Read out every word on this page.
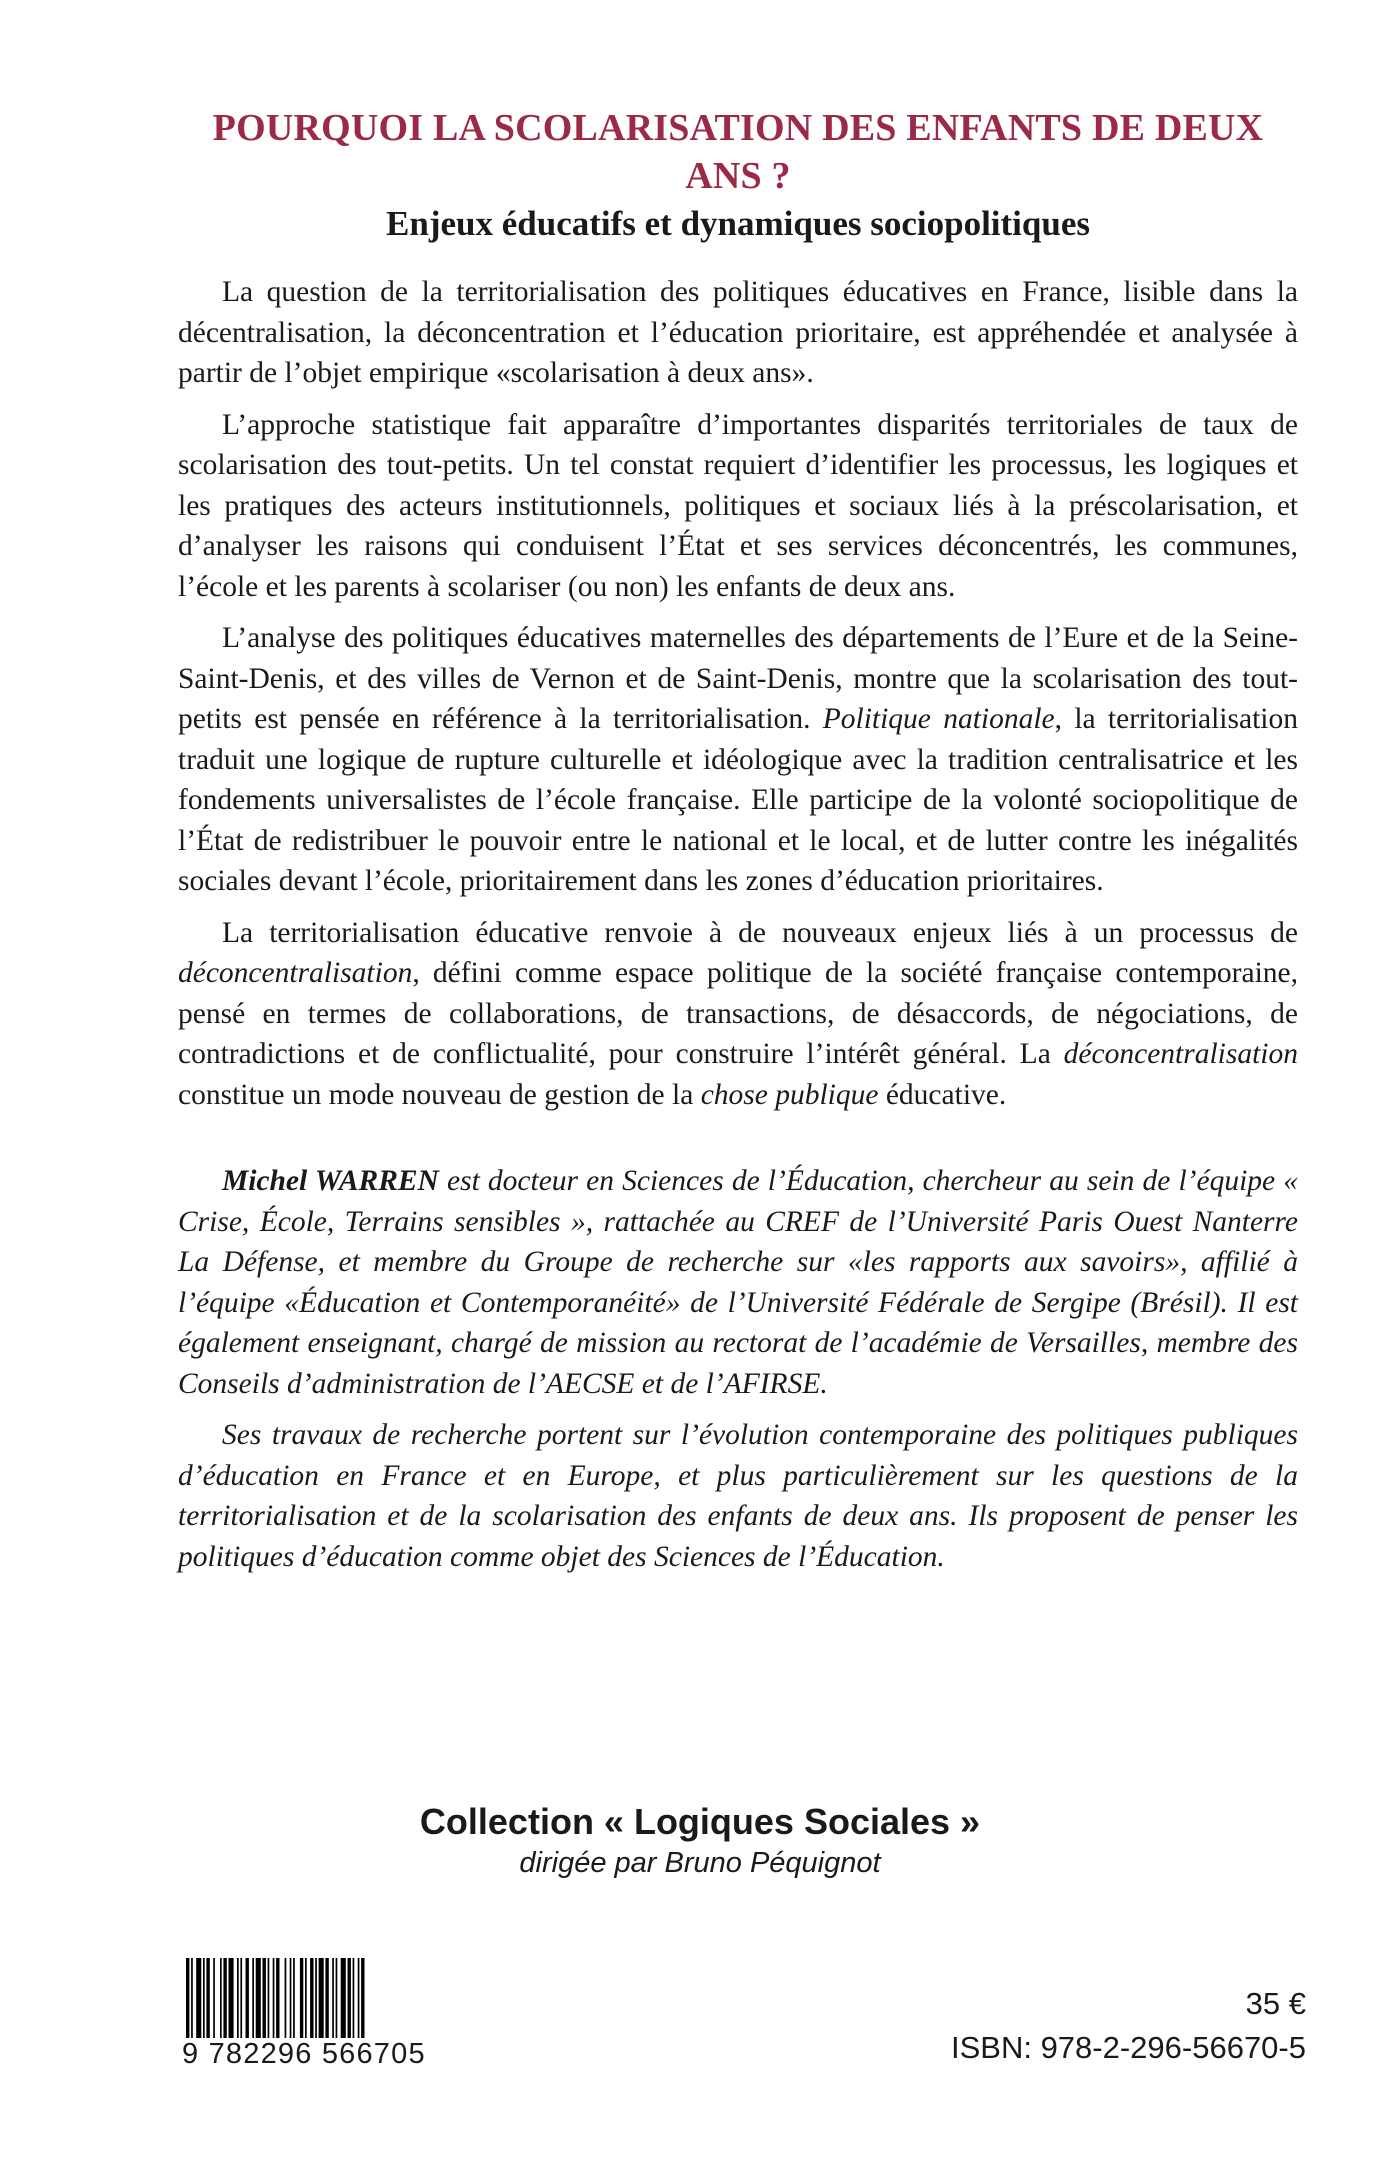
POURQUOI LA SCOLARISATION DES ENFANTS DE DEUX ANS ?
Enjeux éducatifs et dynamiques sociopolitiques

La question de la territorialisation des politiques éducatives en France, lisible dans la décentralisation, la déconcentration et l’éducation prioritaire, est appréhendée et analysée à partir de l’objet empirique «scolarisation à deux ans».

L’approche statistique fait apparaître d’importantes disparités territoriales de taux de scolarisation des tout-petits. Un tel constat requiert d’identifier les processus, les logiques et les pratiques des acteurs institutionnels, politiques et sociaux liés à la préscolarisation, et d’analyser les raisons qui conduisent l’État et ses services déconcentrés, les communes, l’école et les parents à scolariser (ou non) les enfants de deux ans.

L’analyse des politiques éducatives maternelles des départements de l’Eure et de la Seine-Saint-Denis, et des villes de Vernon et de Saint-Denis, montre que la scolarisation des tout-petits est pensée en référence à la territorialisation. Politique nationale, la territorialisation traduit une logique de rupture culturelle et idéologique avec la tradition centralisatrice et les fondements universalistes de l’école française. Elle participe de la volonté sociopolitique de l’État de redistribuer le pouvoir entre le national et le local, et de lutter contre les inégalités sociales devant l’école, prioritairement dans les zones d’éducation prioritaires.

La territorialisation éducative renvoie à de nouveaux enjeux liés à un processus de déconcentralisation, défini comme espace politique de la société française contemporaine, pensé en termes de collaborations, de transactions, de désaccords, de négociations, de contradictions et de conflictualité, pour construire l’intérêt général. La déconcentralisation constitue un mode nouveau de gestion de la chose publique éducative.

Michel WARREN est docteur en Sciences de l’Éducation, chercheur au sein de l’équipe « Crise, École, Terrains sensibles », rattachée au CREF de l’Université Paris Ouest Nanterre La Défense, et membre du Groupe de recherche sur «les rapports aux savoirs», affilié à l’équipe «Éducation et Contemporanéité» de l’Université Fédérale de Sergipe (Brésil). Il est également enseignant, chargé de mission au rectorat de l’académie de Versailles, membre des Conseils d’administration de l’AECSE et de l’AFIRSE.

Ses travaux de recherche portent sur l’évolution contemporaine des politiques publiques d’éducation en France et en Europe, et plus particulièrement sur les questions de la territorialisation et de la scolarisation des enfants de deux ans. Ils proposent de penser les politiques d’éducation comme objet des Sciences de l’Éducation.

Collection « Logiques Sociales »
dirigée par Bruno Péquignot
9 782296 566705
35 €
ISBN: 978-2-296-56670-5
